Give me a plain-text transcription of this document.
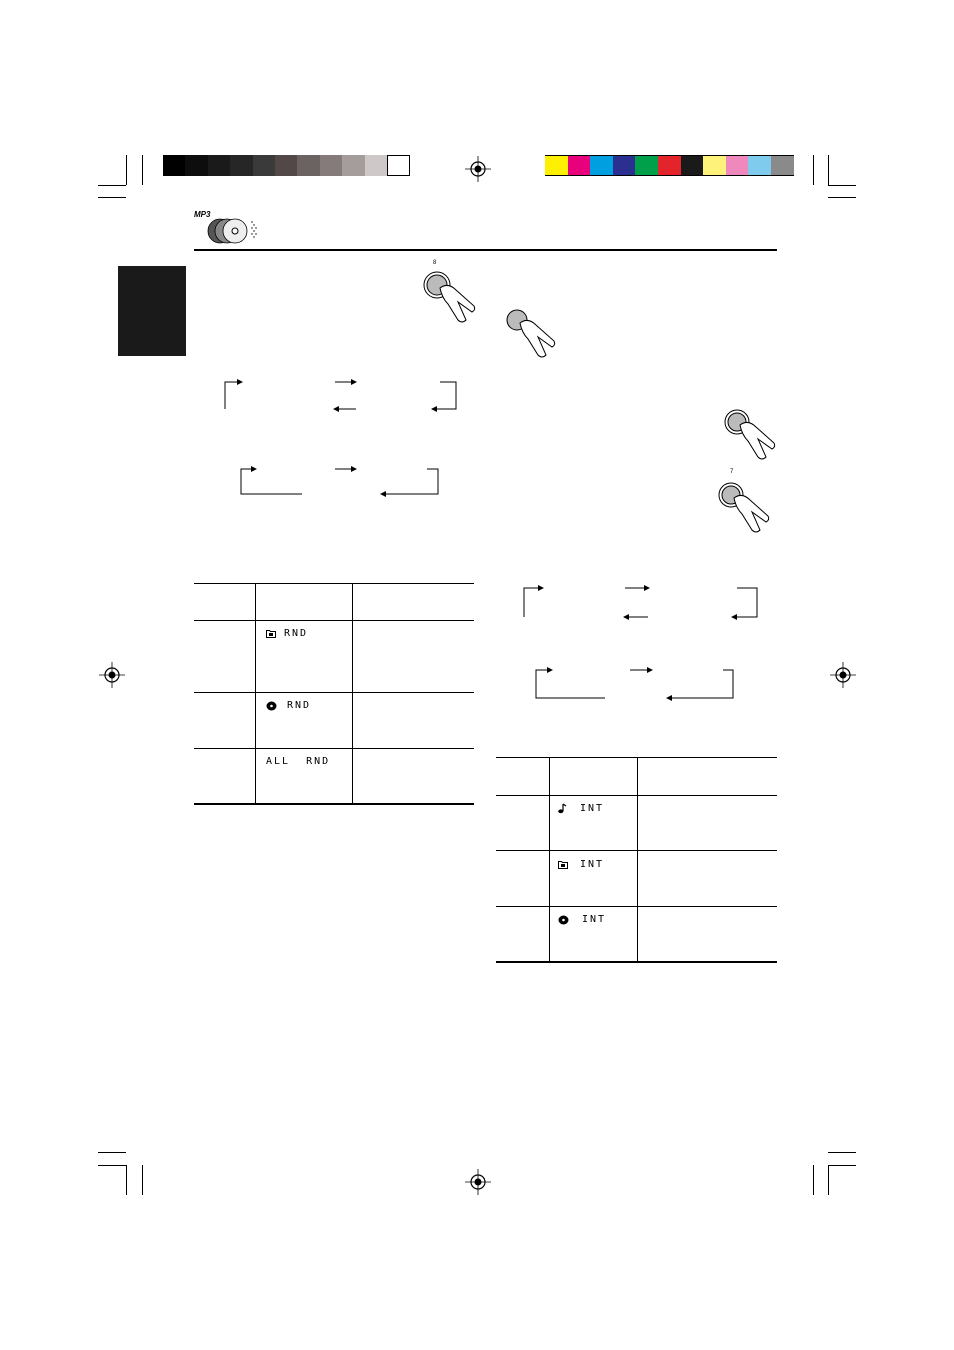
MP3
8
7
RND
RND
ALL  RND
INT
INT
INT
